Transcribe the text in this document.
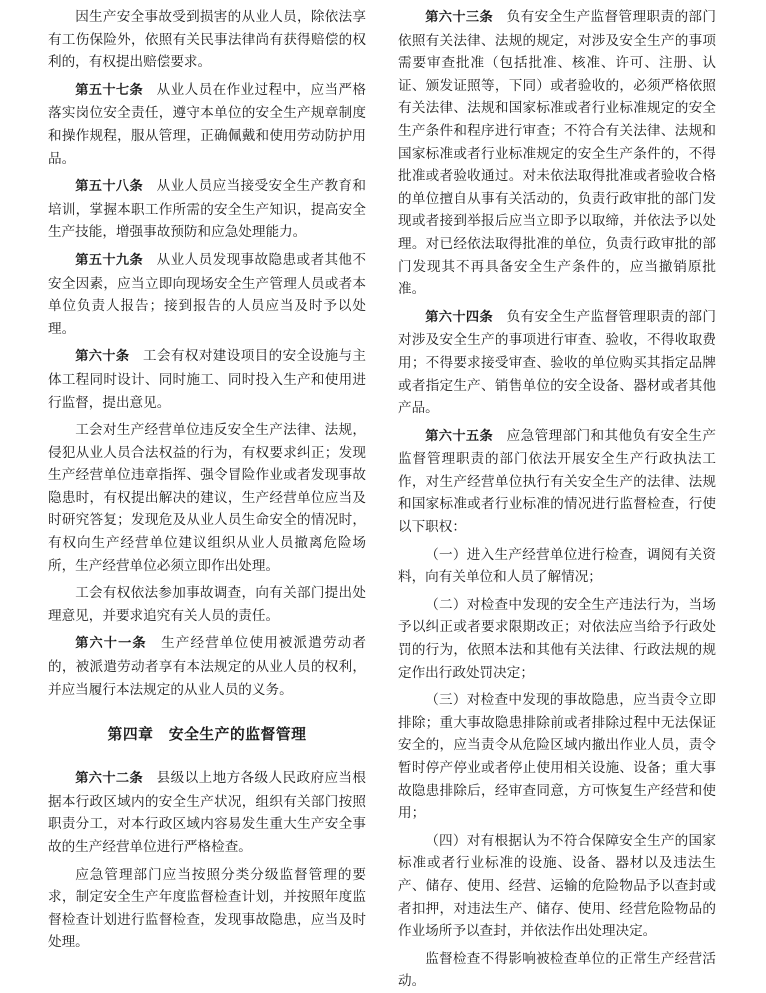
因生产安全事故受到损害的从业人员，除依法享有工伤保险外，依照有关民事法律尚有获得赔偿的权利的，有权提出赔偿要求。

第五十七条 从业人员在作业过程中，应当严格落实岗位安全责任，遵守本单位的安全生产规章制度和操作规程，服从管理，正确佩戴和使用劳动防护用品。

第五十八条 从业人员应当接受安全生产教育和培训，掌握本职工作所需的安全生产知识，提高安全生产技能，增强事故预防和应急处理能力。

第五十九条 从业人员发现事故隐患或者其他不安全因素，应当立即向现场安全生产管理人员或者本单位负责人报告；接到报告的人员应当及时予以处理。

第六十条 工会有权对建设项目的安全设施与主体工程同时设计、同时施工、同时投入生产和使用进行监督，提出意见。

工会对生产经营单位违反安全生产法律、法规，侵犯从业人员合法权益的行为，有权要求纠正；发现生产经营单位违章指挥、强令冒险作业或者发现事故隐患时，有权提出解决的建议，生产经营单位应当及时研究答复；发现危及从业人员生命安全的情况时，有权向生产经营单位建议组织从业人员撤离危险场所，生产经营单位必须立即作出处理。

工会有权依法参加事故调查，向有关部门提出处理意见，并要求追究有关人员的责任。

第六十一条 生产经营单位使用被派遣劳动者的，被派遣劳动者享有本法规定的从业人员的权利，并应当履行本法规定的从业人员的义务。

第四章 安全生产的监督管理

第六十二条 县级以上地方各级人民政府应当根据本行政区域内的安全生产状况，组织有关部门按照职责分工，对本行政区域内容易发生重大生产安全事故的生产经营单位进行严格检查。

应急管理部门应当按照分类分级监督管理的要求，制定安全生产年度监督检查计划，并按照年度监督检查计划进行监督检查，发现事故隐患，应当及时处理。

第六十三条 负有安全生产监督管理职责的部门依照有关法律、法规的规定，对涉及安全生产的事项需要审查批准（包括批准、核准、许可、注册、认证、颁发证照等，下同）或者验收的，必须严格依照有关法律、法规和国家标准或者行业标准规定的安全生产条件和程序进行审查；不符合有关法律、法规和国家标准或者行业标准规定的安全生产条件的，不得批准或者验收通过。对未依法取得批准或者验收合格的单位擅自从事有关活动的，负责行政审批的部门发现或者接到举报后应当立即予以取缔，并依法予以处理。对已经依法取得批准的单位，负责行政审批的部门发现其不再具备安全生产条件的，应当撤销原批准。

第六十四条 负有安全生产监督管理职责的部门对涉及安全生产的事项进行审查、验收，不得收取费用；不得要求接受审查、验收的单位购买其指定品牌或者指定生产、销售单位的安全设备、器材或者其他产品。

第六十五条 应急管理部门和其他负有安全生产监督管理职责的部门依法开展安全生产行政执法工作，对生产经营单位执行有关安全生产的法律、法规和国家标准或者行业标准的情况进行监督检查，行使以下职权：

（一）进入生产经营单位进行检查，调阅有关资料，向有关单位和人员了解情况；

（二）对检查中发现的安全生产违法行为，当场予以纠正或者要求限期改正；对依法应当给予行政处罚的行为，依照本法和其他有关法律、行政法规的规定作出行政处罚决定；

（三）对检查中发现的事故隐患，应当责令立即排除；重大事故隐患排除前或者排除过程中无法保证安全的，应当责令从危险区域内撤出作业人员，责令暂时停产停业或者停止使用相关设施、设备；重大事故隐患排除后，经审查同意，方可恢复生产经营和使用；

（四）对有根据认为不符合保障安全生产的国家标准或者行业标准的设施、设备、器材以及违法生产、储存、使用、经营、运输的危险物品予以查封或者扣押，对违法生产、储存、使用、经营危险物品的作业场所予以查封，并依法作出处理决定。

监督检查不得影响被检查单位的正常生产经营活动。
